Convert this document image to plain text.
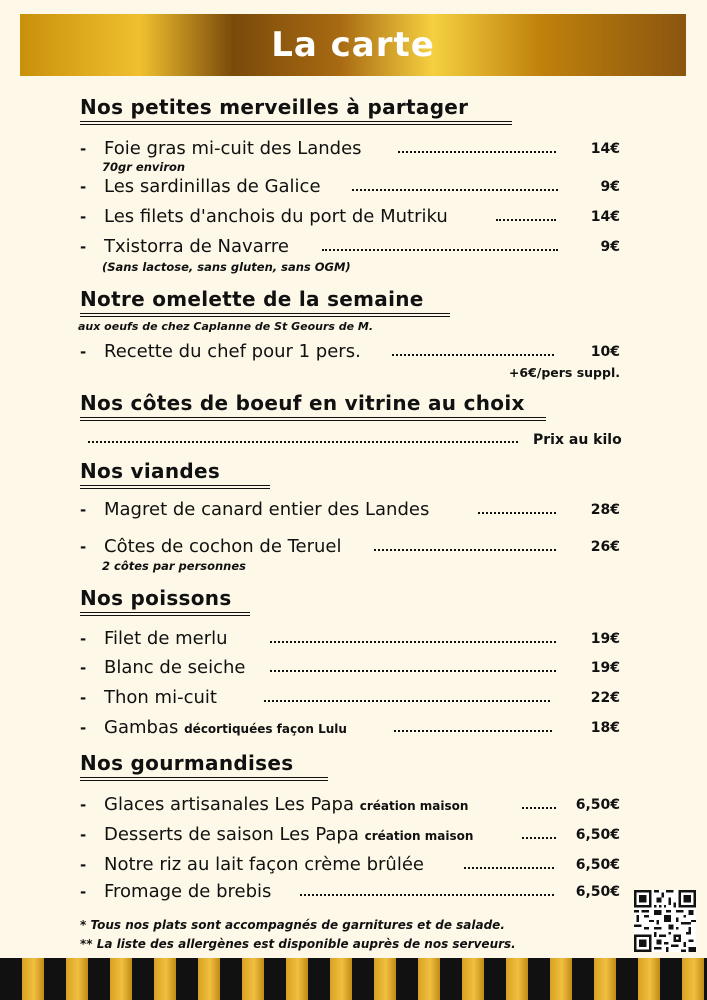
La carte
Nos petites merveilles à partager
- Foie gras mi-cuit des Landes	14€
70gr environ
- Les sardinillas de Galice	9€
- Les filets d'anchois du port de Mutriku	14€
- Txistorra de Navarre	9€
(Sans lactose, sans gluten, sans OGM)
Notre omelette de la semaine
aux oeufs de chez Caplanne de St Geours de M.
- Recette du chef pour 1 pers.	10€
+6€/pers suppl.
Nos côtes de boeuf en vitrine au choix
Prix au kilo
Nos viandes
- Magret de canard entier des Landes	28€
- Côtes de cochon de Teruel	26€
2 côtes par personnes
Nos poissons
- Filet de merlu	19€
- Blanc de seiche	19€
- Thon mi-cuit	22€
- Gambas décortiquées façon Lulu	18€
Nos gourmandises
- Glaces artisanales Les Papa création maison	6,50€
- Desserts de saison Les Papa création maison	6,50€
- Notre riz au lait façon crème brûlée	6,50€
- Fromage de brebis	6,50€
* Tous nos plats sont accompagnés de garnitures et de salade.
** La liste des allergènes est disponible auprès de nos serveurs.
